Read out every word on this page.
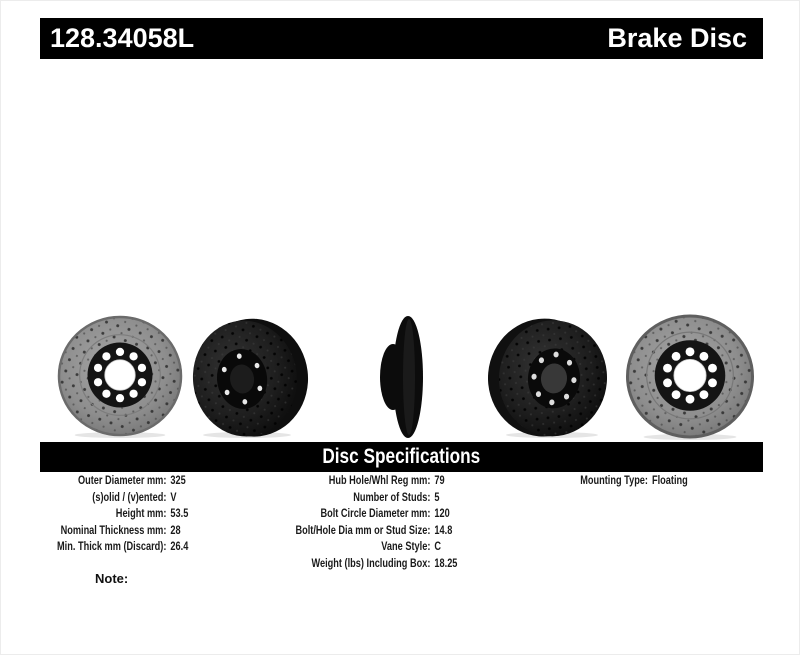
128.34058L	Brake Disc
Disc Specifications
Outer Diameter mm: 325
(s)olid / (v)ented: V
Height mm: 53.5
Nominal Thickness mm: 28
Min. Thick mm (Discard): 26.4
Hub Hole/Whl Reg mm: 79
Number of Studs: 5
Bolt Circle Diameter mm: 120
Bolt/Hole Dia mm or Stud Size: 14.8
Vane Style: C
Weight (lbs) Including Box: 18.25
Mounting Type: Floating
Note:
